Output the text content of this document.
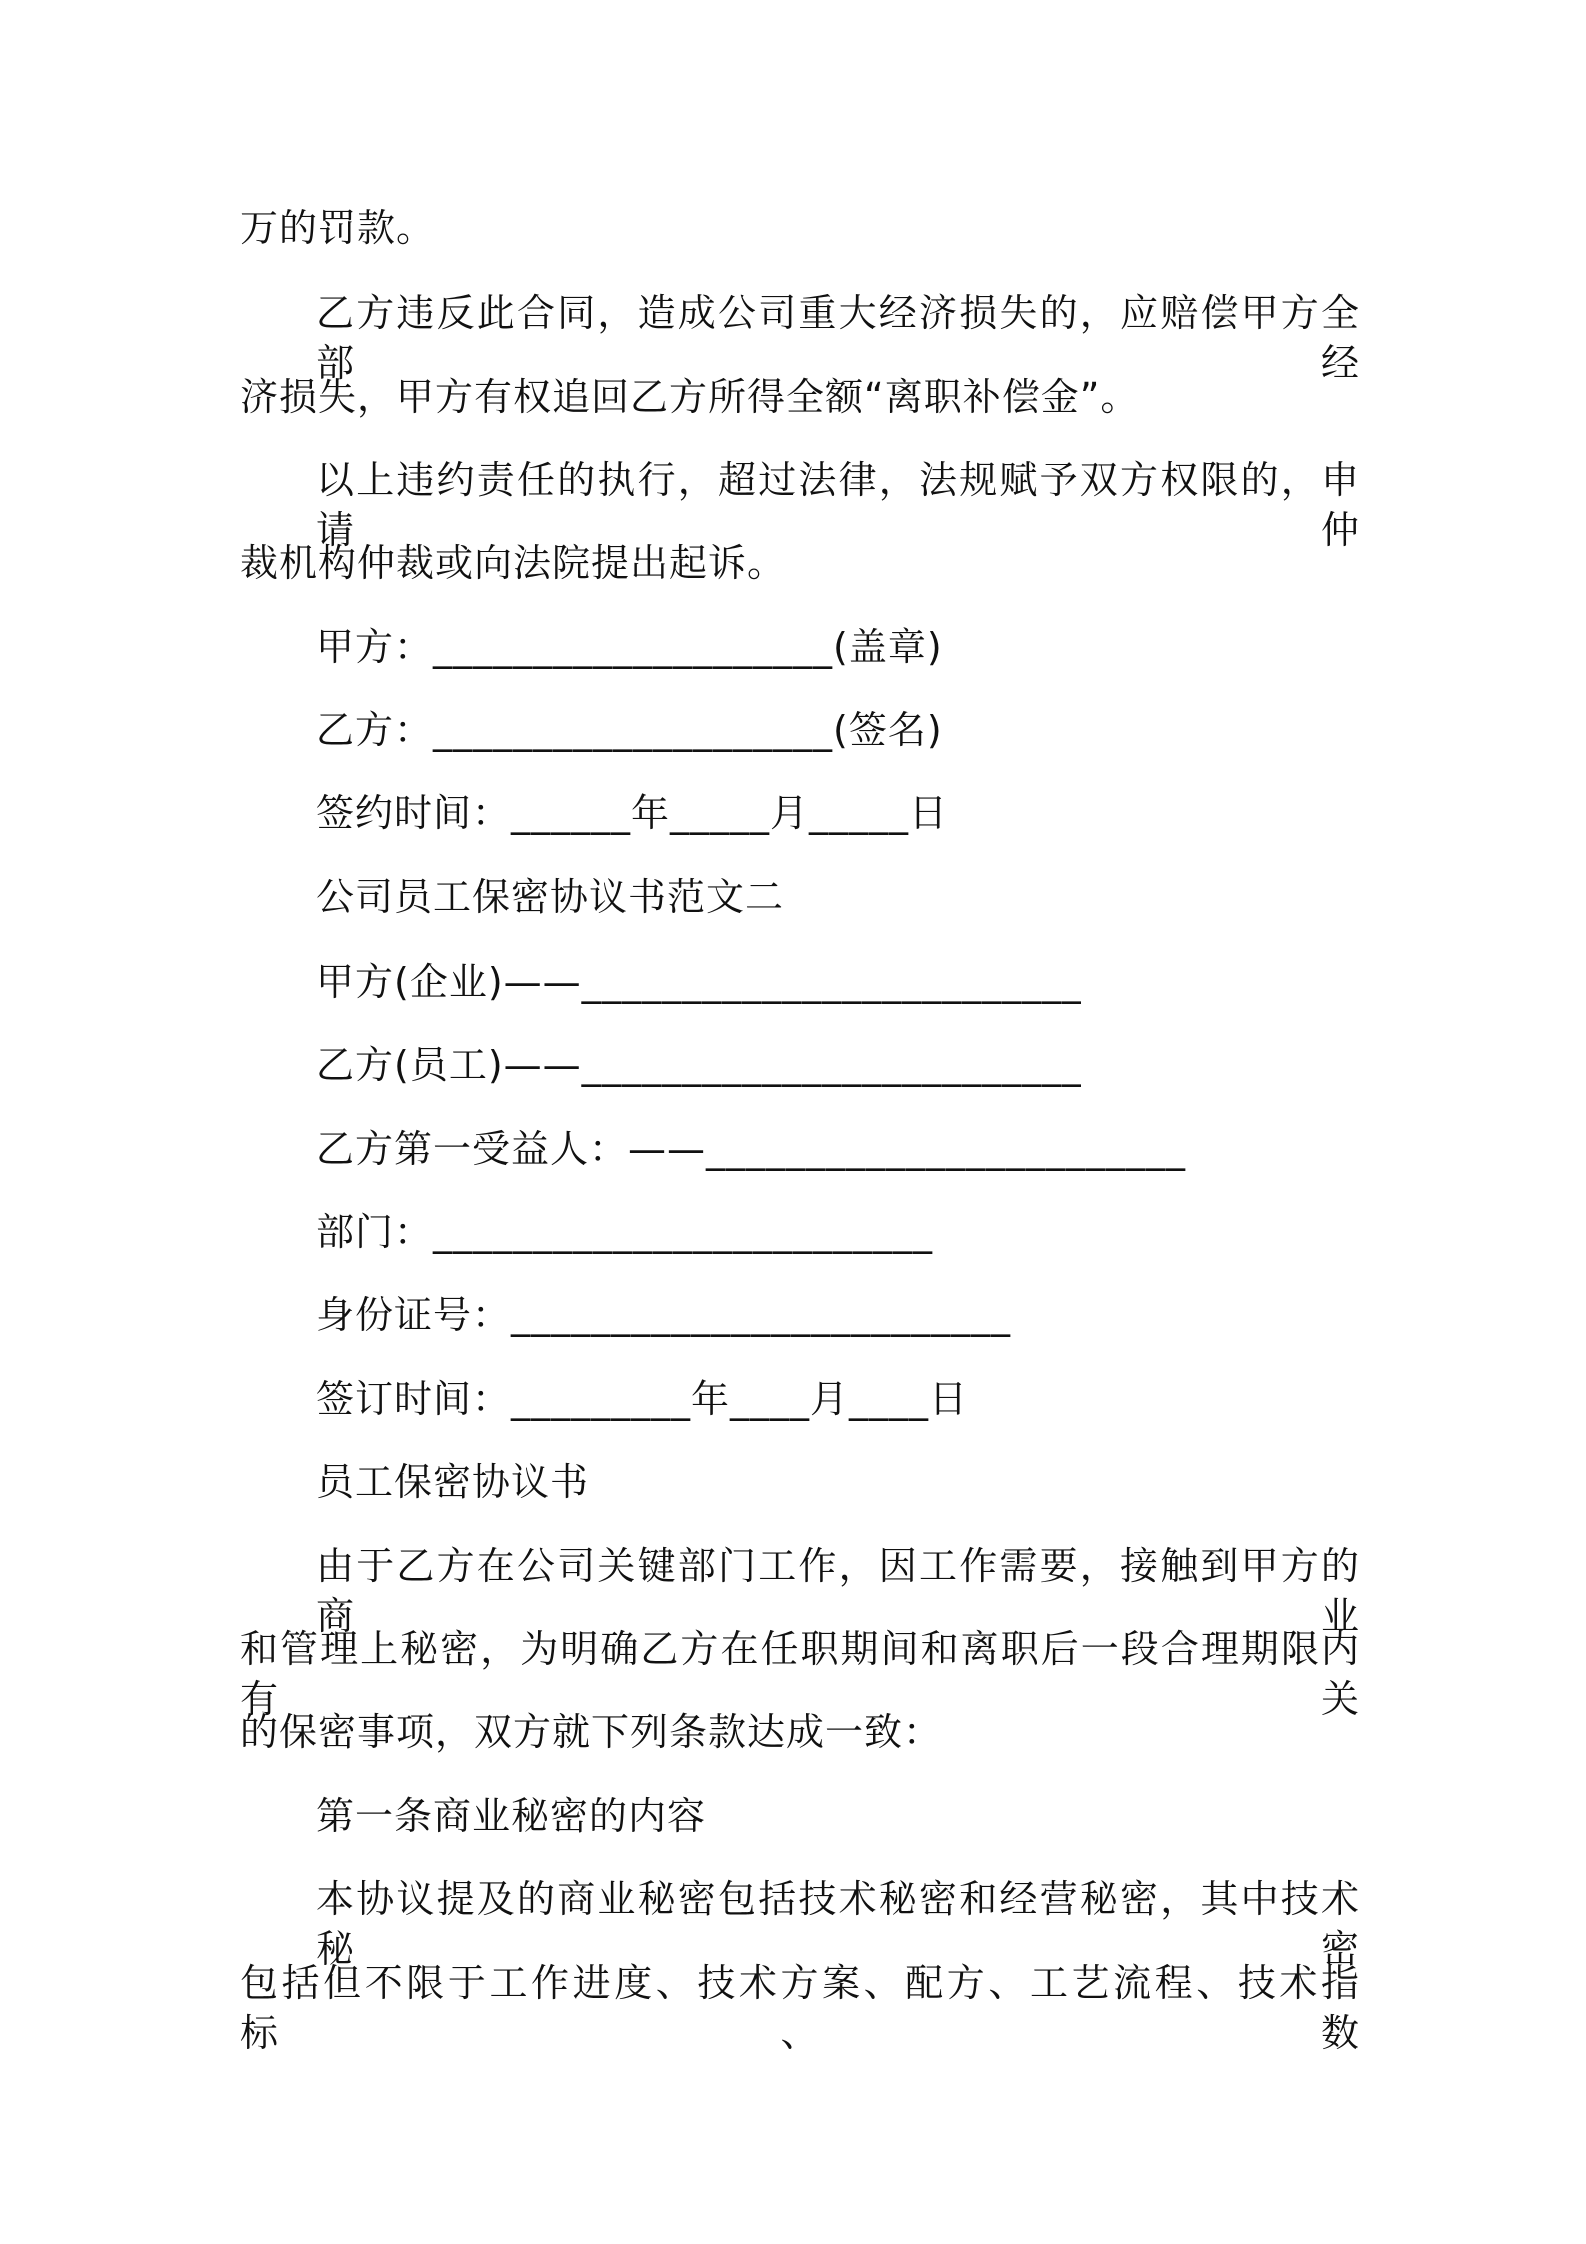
万的罚款。
乙方违反此合同，造成公司重大经济损失的，应赔偿甲方全部经
济损失，甲方有权追回乙方所得全额“离职补偿金”。
以上违约责任的执行，超过法律，法规赋予双方权限的，申请仲
裁机构仲裁或向法院提出起诉。
甲方：____________________(盖章)
乙方：____________________(签名)
签约时间：______年_____月_____日
公司员工保密协议书范文二
甲方(企业)——_________________________
乙方(员工)——_________________________
乙方第一受益人：——________________________
部门：_________________________
身份证号：_________________________
签订时间：_________年____月____日
员工保密协议书
由于乙方在公司关键部门工作，因工作需要，接触到甲方的商业
和管理上秘密，为明确乙方在任职期间和离职后一段合理期限内有关
的保密事项，双方就下列条款达成一致：
第一条商业秘密的内容
本协议提及的商业秘密包括技术秘密和经营秘密，其中技术秘密
包括但不限于工作进度、技术方案、配方、工艺流程、技术指标、数
